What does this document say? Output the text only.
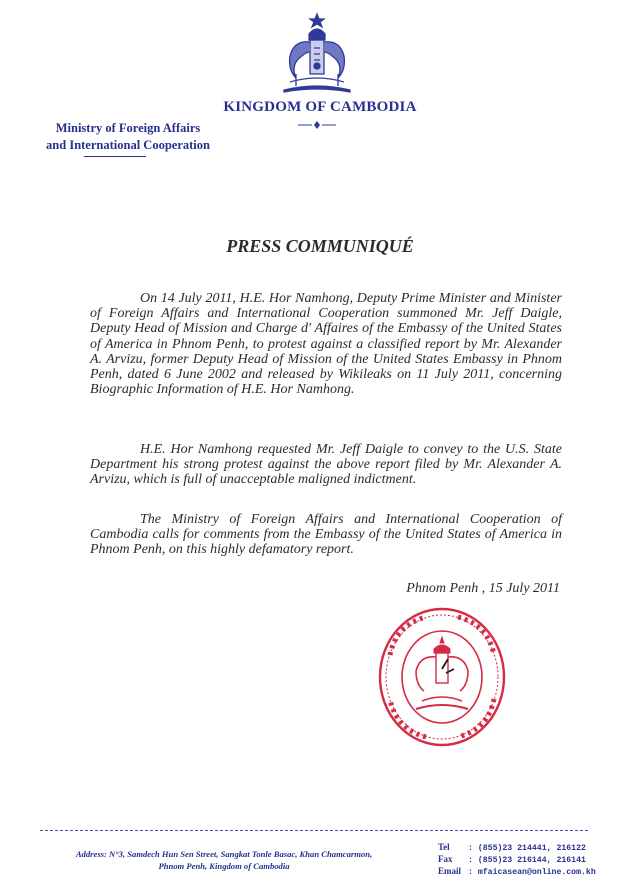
KINGDOM OF CAMBODIA
Ministry of Foreign Affairs
and International Cooperation
PRESS COMMUNIQUÉ

On 14 July 2011, H.E. Hor Namhong, Deputy Prime Minister and Minister of Foreign Affairs and International Cooperation summoned Mr. Jeff Daigle, Deputy Head of Mission and Charge d' Affaires of the Embassy of the United States of America in Phnom Penh, to protest against a classified report by Mr. Alexander A. Arvizu, former Deputy Head of Mission of the United States Embassy in Phnom Penh, dated 6 June 2002 and released by Wikileaks on 11 July 2011, concerning Biographic Information of H.E. Hor Namhong.

H.E. Hor Namhong requested Mr. Jeff Daigle to convey to the U.S. State Department his strong protest against the above report filed by Mr. Alexander A. Arvizu, which is full of unacceptable maligned indictment.

The Ministry of Foreign Affairs and International Cooperation of Cambodia calls for comments from the Embassy of the United States of America in Phnom Penh, on this highly defamatory report.

Phnom Penh , 15 July 2011
Address: N°3, Samdech Hun Sen Street, Sangkat Tonle Basac, Khan Chamcarmon,
Phnom Penh, Kingdom of Cambodia
Tel : (855)23 214441, 216122
Fax : (855)23 216144, 216141
Email : mfaicasean@online.com.kh
